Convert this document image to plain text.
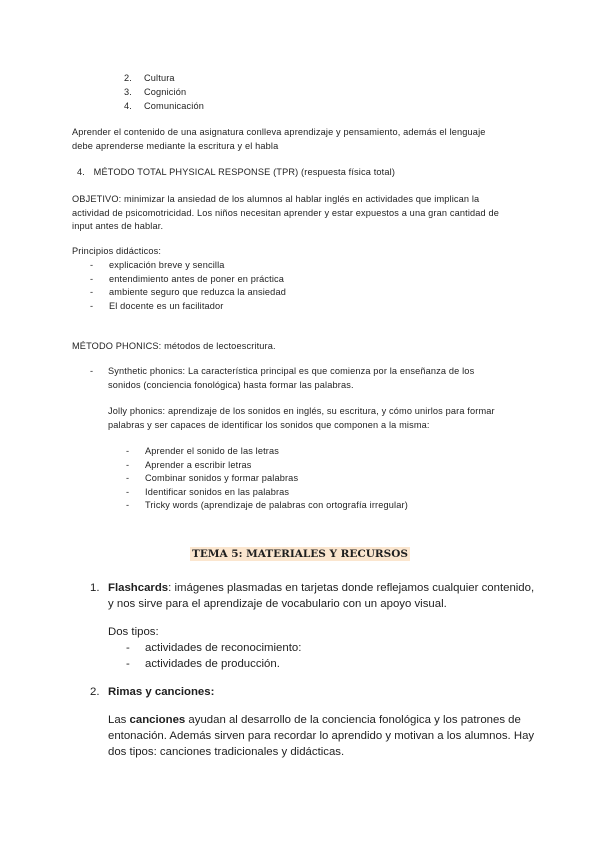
2. Cultura
3. Cognición
4. Comunicación
Aprender el contenido de una asignatura conlleva aprendizaje y pensamiento, además el lenguaje
debe aprenderse mediante la escritura y el habla
4. MÉTODO TOTAL PHYSICAL RESPONSE (TPR) (respuesta física total)
OBJETIVO: minimizar la ansiedad de los alumnos al hablar inglés en actividades que implican la
actividad de psicomotricidad. Los niños necesitan aprender y estar expuestos a una gran cantidad de
input antes de hablar.
Principios didácticos:
- explicación breve y sencilla
- entendimiento antes de poner en práctica
- ambiente seguro que reduzca la ansiedad
- El docente es un facilitador
MÉTODO PHONICS: métodos de lectoescritura.
- Synthetic phonics: La característica principal es que comienza por la enseñanza de los
sonidos (conciencia fonológica) hasta formar las palabras.
Jolly phonics: aprendizaje de los sonidos en inglés, su escritura, y cómo unirlos para formar
palabras y ser capaces de identificar los sonidos que componen a la misma:
- Aprender el sonido de las letras
- Aprender a escribir letras
- Combinar sonidos y formar palabras
- Identificar sonidos en las palabras
- Tricky words (aprendizaje de palabras con ortografía irregular)
TEMA 5: MATERIALES Y RECURSOS
1. Flashcards: imágenes plasmadas en tarjetas donde reflejamos cualquier contenido,
y nos sirve para el aprendizaje de vocabulario con un apoyo visual.
Dos tipos:
- actividades de reconocimiento:
- actividades de producción.
2. Rimas y canciones:
Las canciones ayudan al desarrollo de la conciencia fonológica y los patrones de
entonación. Además sirven para recordar lo aprendido y motivan a los alumnos. Hay
dos tipos: canciones tradicionales y didácticas.
